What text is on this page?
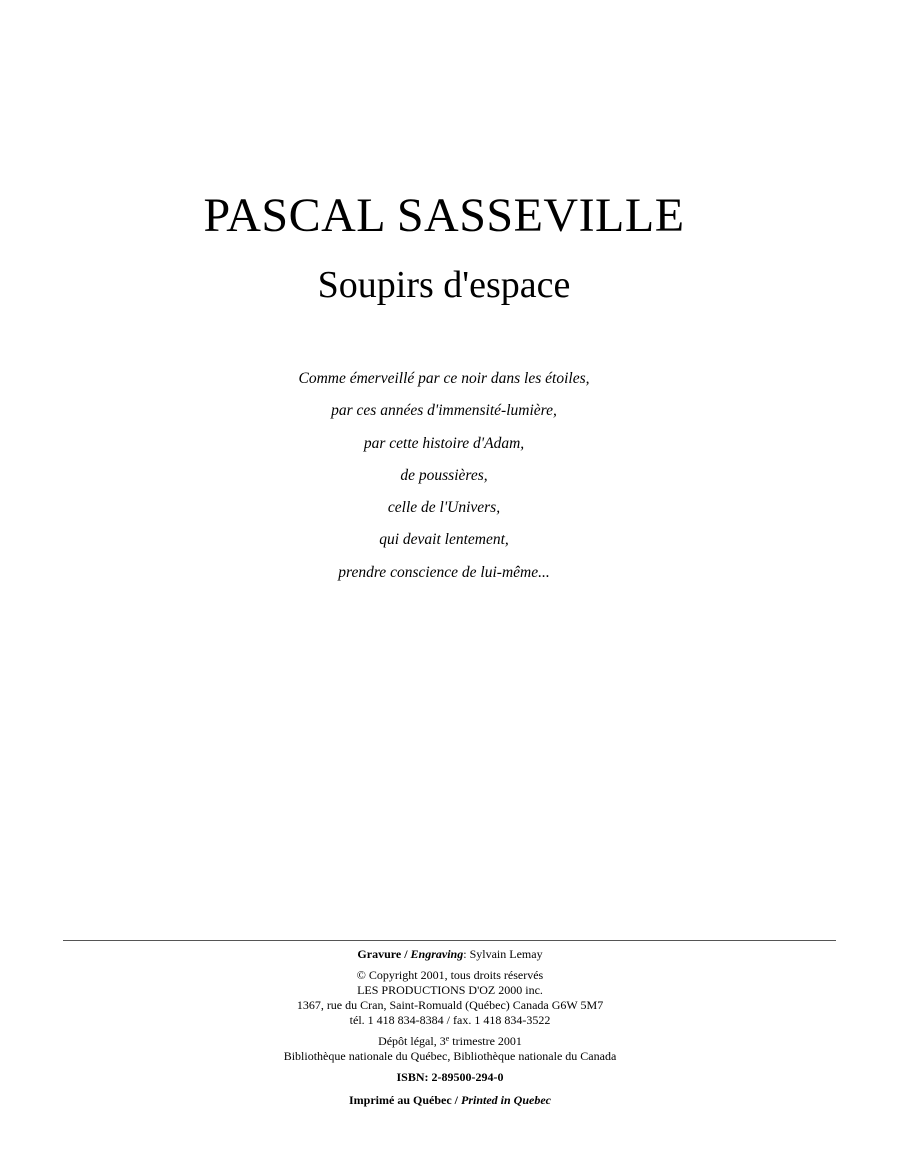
PASCAL SASSEVILLE
Soupirs d'espace
Comme émerveillé par ce noir dans les étoiles,
par ces années d'immensité-lumière,
par cette histoire d'Adam,
de poussières,
celle de l'Univers,
qui devait lentement,
prendre conscience de lui-même...
Gravure / Engraving: Sylvain Lemay
© Copyright 2001, tous droits réservés
LES PRODUCTIONS D'OZ 2000 inc.
1367, rue du Cran, Saint-Romuald (Québec) Canada G6W 5M7
tél. 1 418 834-8384 / fax. 1 418 834-3522
Dépôt légal, 3e trimestre 2001
Bibliothèque nationale du Québec, Bibliothèque nationale du Canada
ISBN: 2-89500-294-0
Imprimé au Québec / Printed in Quebec
